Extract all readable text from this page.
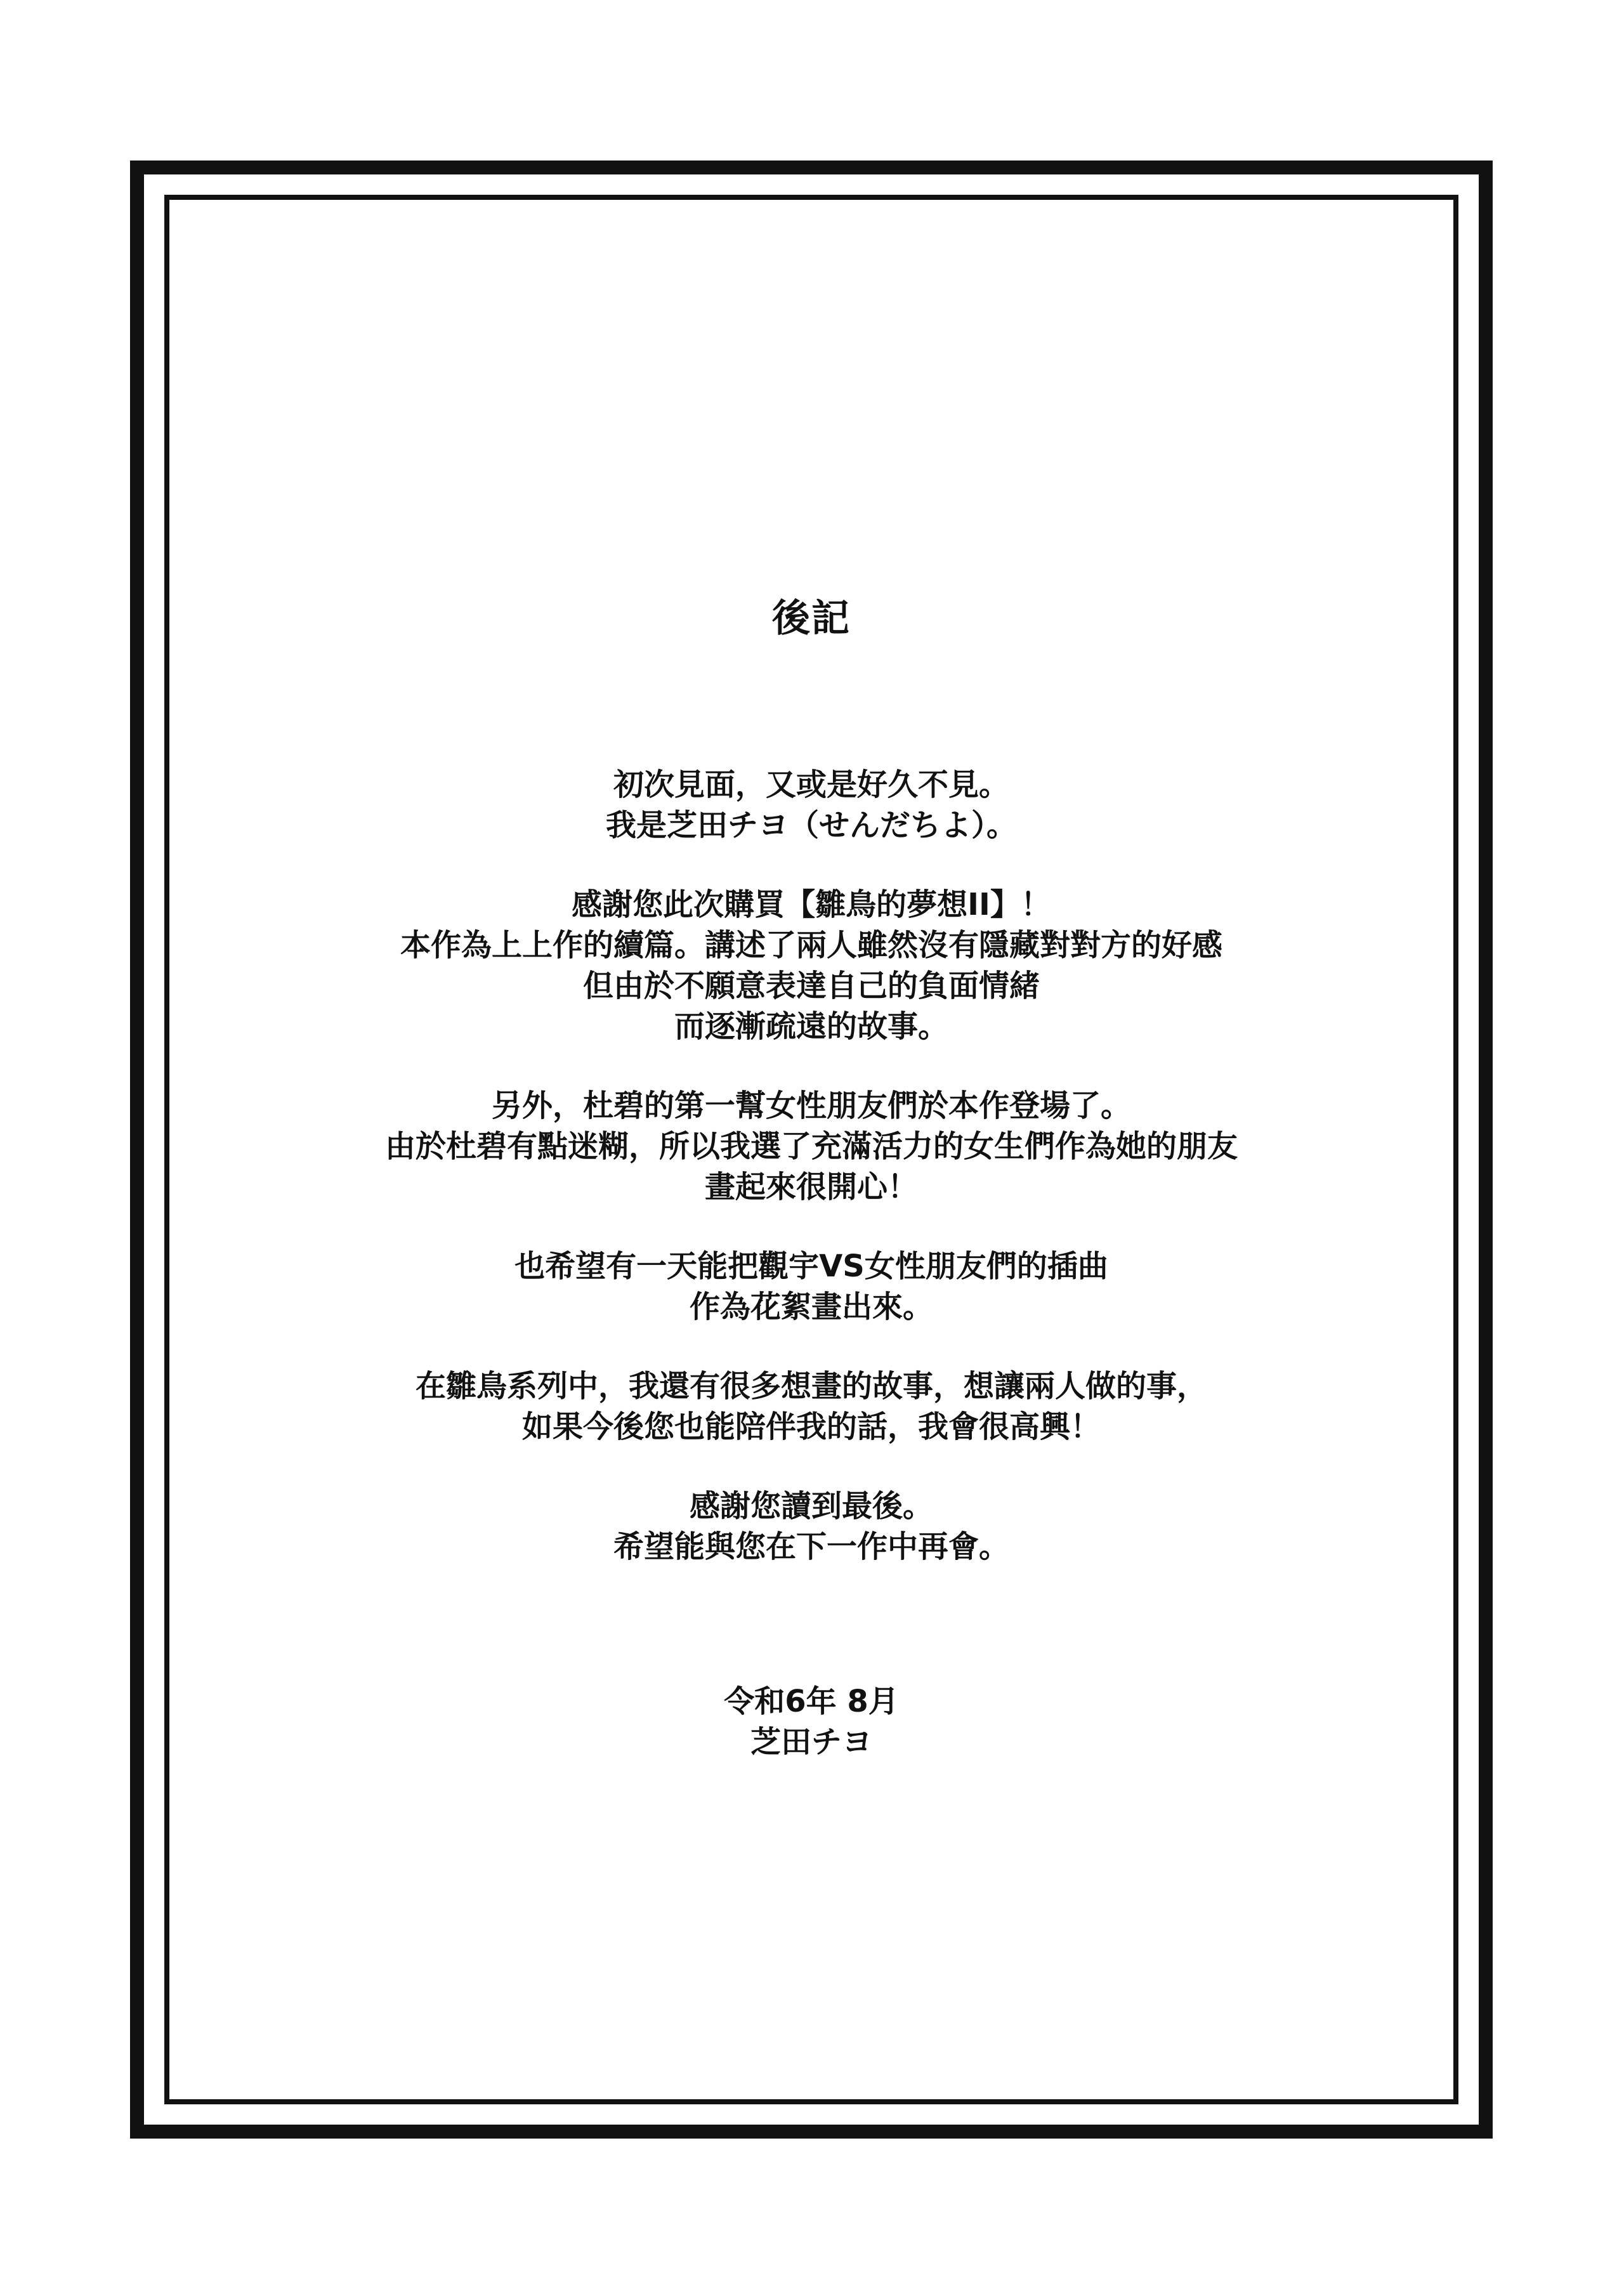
後記
初次見面，又或是好久不見。
我是芝田チヨ（せんだちよ）。
感謝您此次購買【雛鳥的夢想II】！
本作為上上作的續篇。講述了兩人雖然沒有隱藏對對方的好感
但由於不願意表達自己的負面情緒
而逐漸疏遠的故事。
另外，杜碧的第一幫女性朋友們於本作登場了。
由於杜碧有點迷糊，所以我選了充滿活力的女生們作為她的朋友
畫起來很開心！
也希望有一天能把觀宇VS女性朋友們的插曲
作為花絮畫出來。
在雛鳥系列中，我還有很多想畫的故事，想讓兩人做的事，
如果今後您也能陪伴我的話，我會很高興！
感謝您讀到最後。
希望能與您在下一作中再會。
令和6年 8月
芝田チヨ
